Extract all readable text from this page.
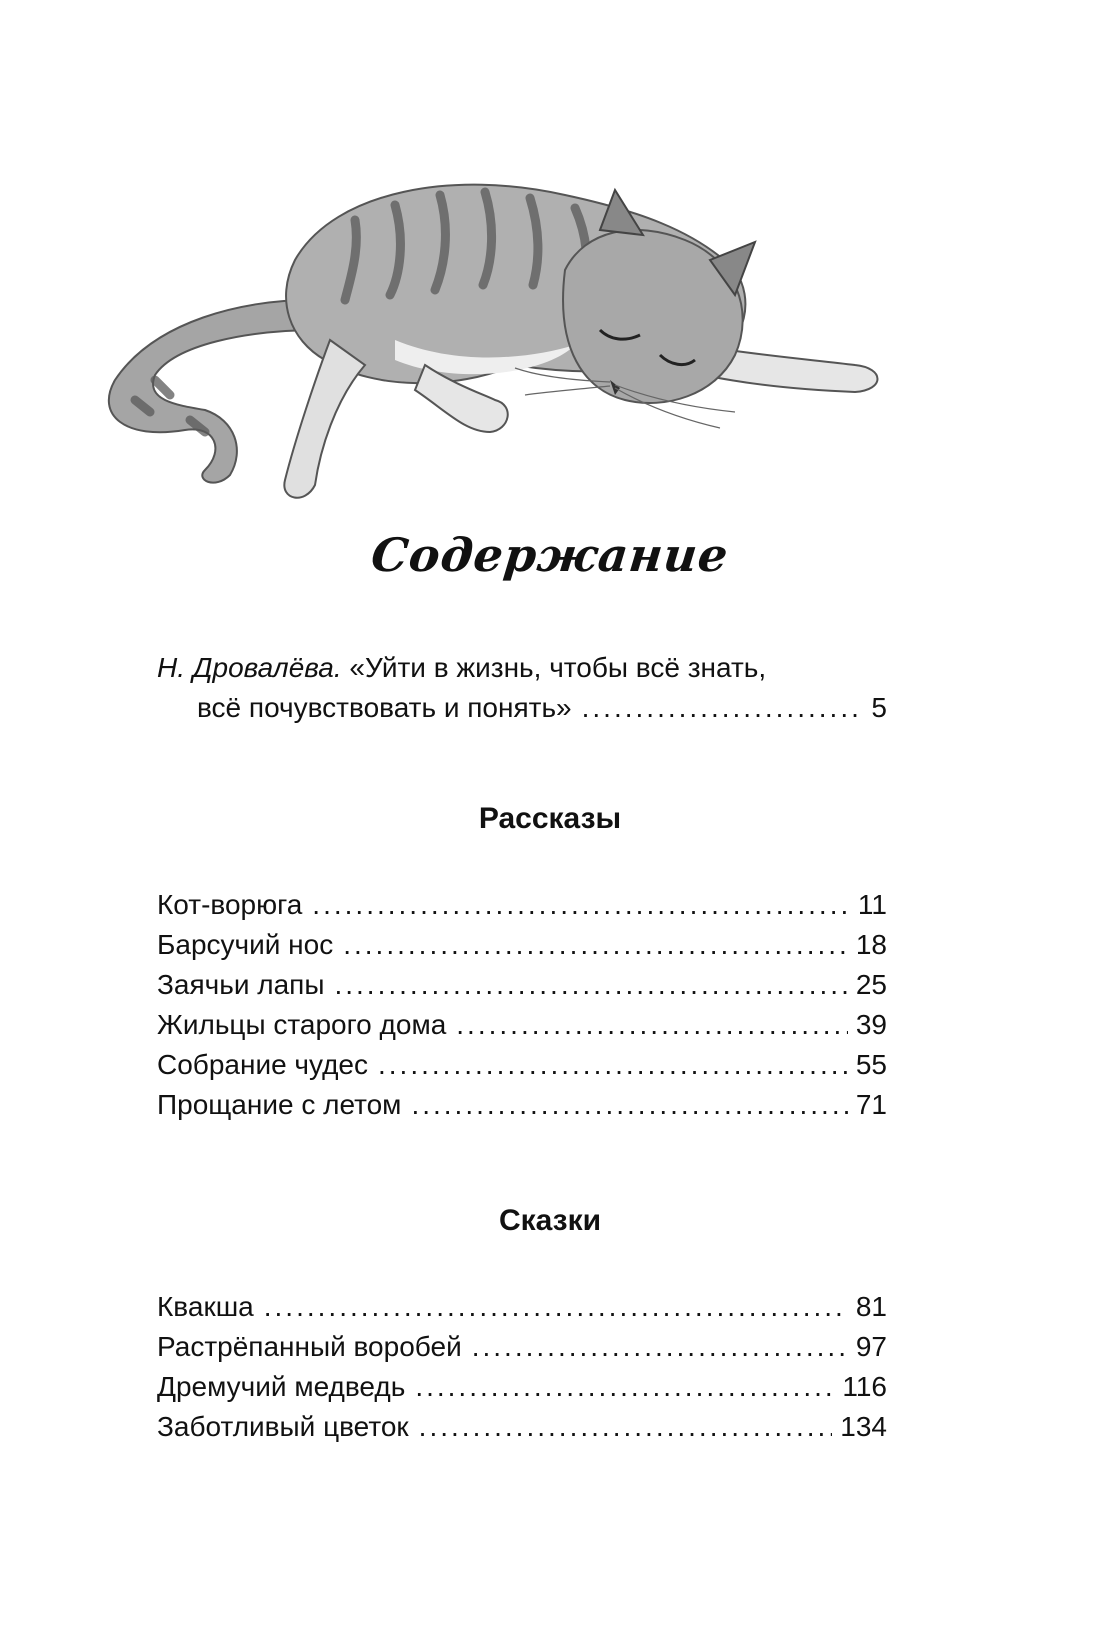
Содержание
Н. Дровалёва. «Уйти в жизнь, чтобы всё знать,
всё почувствовать и понять» .....	5
Рассказы
Кот-ворюга .....	11
Барсучий нос .....	18
Заячьи лапы .....	25
Жильцы старого дома .....	39
Собрание чудес .....	55
Прощание с летом .....	71
Сказки
Квакша .....	81
Растрёпанный воробей .....	97
Дремучий медведь .....	116
Заботливый цветок .....	134
